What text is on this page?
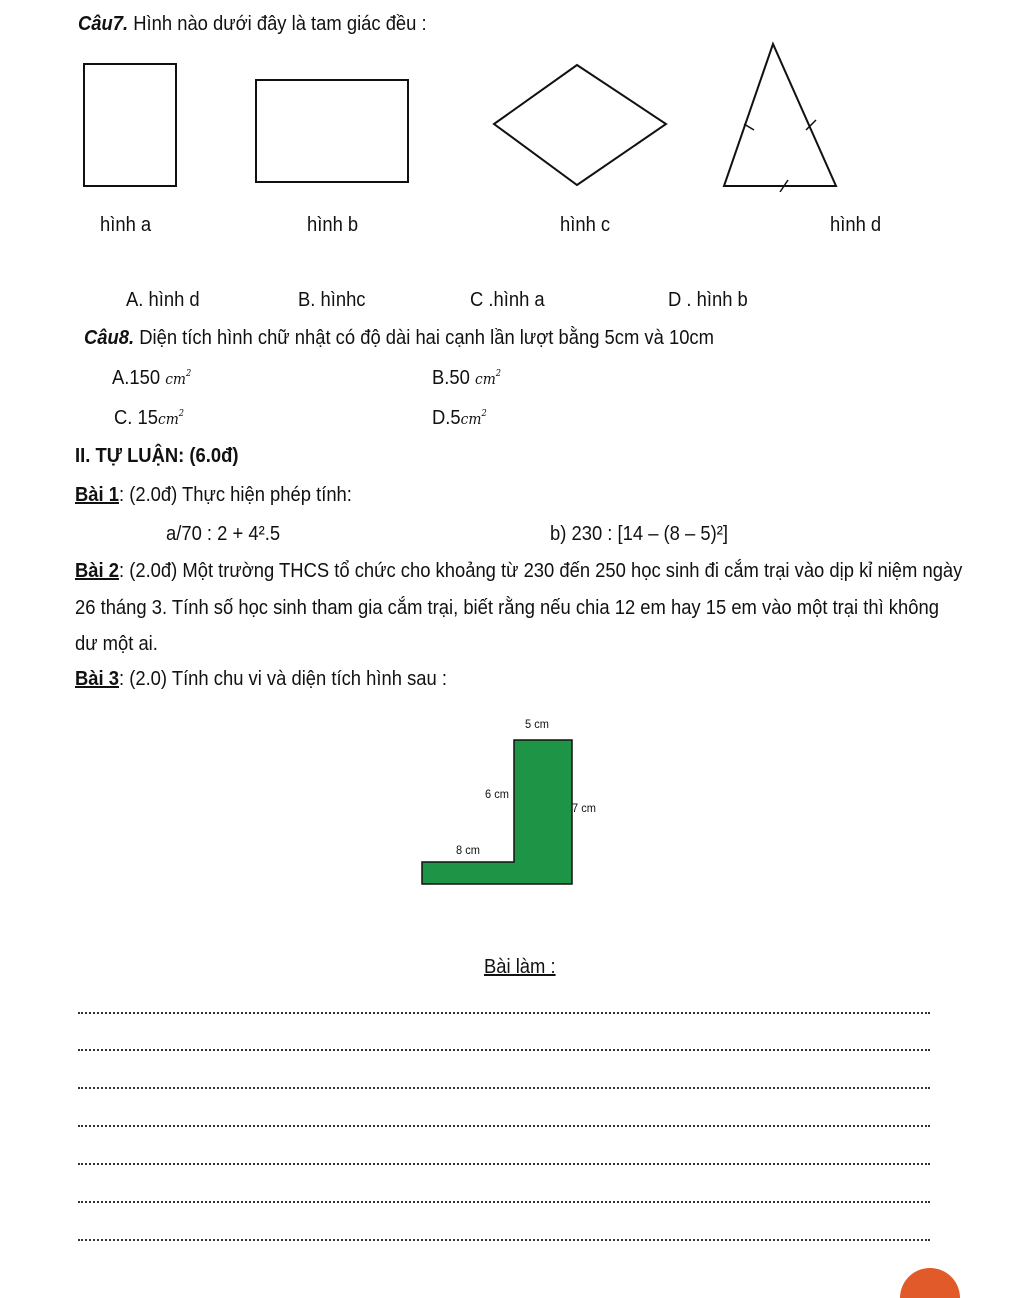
Câu7. Hình nào dưới đây là tam giác đều :
hình a	hình b	hình c	hình d
A. hình d	B. hìnhc	C .hình a	D . hình b
Câu8. Diện tích hình chữ nhật có độ dài hai cạnh lần lượt bằng 5cm và 10cm
A.150 $cm^2$	B.50 $cm^2$
C. $15cm^2$	$D.5cm^2$
II. TỰ LUẬN: (6.0đ)
Bài 1: (2.0đ) Thực hiện phép tính:
a/70 : 2 + 4².5	b) 230 : [14 – (8 – 5)²]
Bài 2: (2.0đ) Một trường THCS tổ chức cho khoảng từ 230 đến 250 học sinh đi cắm trại vào dịp kỉ niệm ngày
26 tháng 3. Tính số học sinh tham gia cắm trại, biết rằng nếu chia 12 em hay 15 em vào một trại thì không
dư một ai.
Bài 3: (2.0) Tính chu vi và diện tích hình sau :
5 cm
6 cm
7 cm
8 cm
Bài làm :
